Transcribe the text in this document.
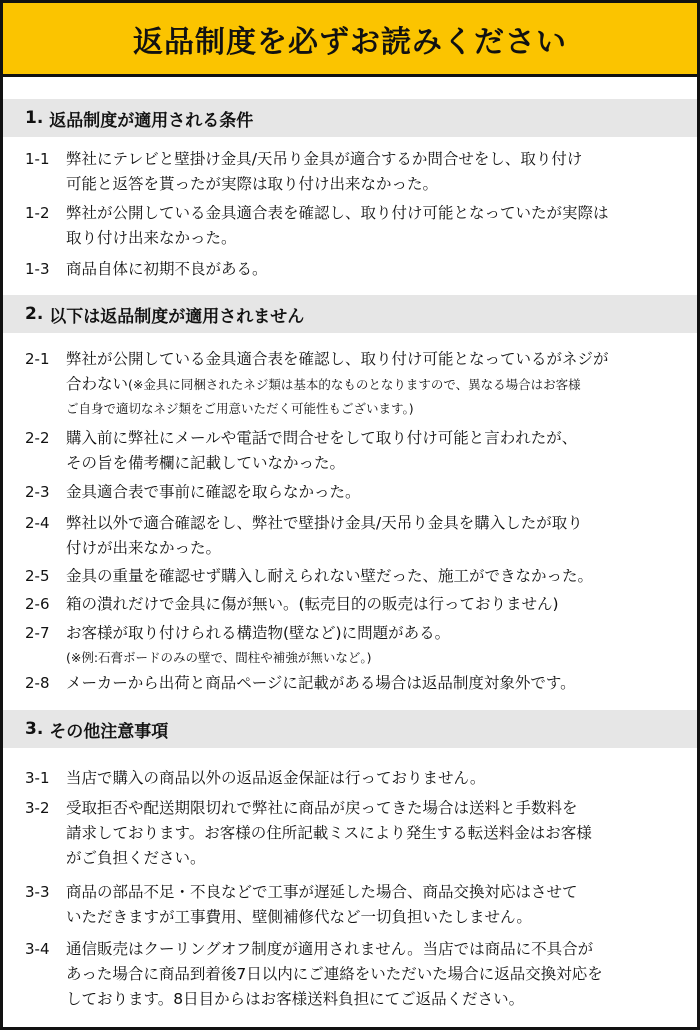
返品制度を必ずお読みください
1. 返品制度が適用される条件
1-1 弊社にテレビと壁掛け金具/天吊り金具が適合するか問合せをし、取り付け
可能と返答を貰ったが実際は取り付け出来なかった。
1-2 弊社が公開している金具適合表を確認し、取り付け可能となっていたが実際は
取り付け出来なかった。
1-3 商品自体に初期不良がある。
2. 以下は返品制度が適用されません
2-1 弊社が公開している金具適合表を確認し、取り付け可能となっているがネジが
合わない(※金具に同梱されたネジ類は基本的なものとなりますので、異なる場合はお客様
ご自身で適切なネジ類をご用意いただく可能性もございます。)
2-2 購入前に弊社にメールや電話で問合せをして取り付け可能と言われたが、
その旨を備考欄に記載していなかった。
2-3 金具適合表で事前に確認を取らなかった。
2-4 弊社以外で適合確認をし、弊社で壁掛け金具/天吊り金具を購入したが取り
付けが出来なかった。
2-5 金具の重量を確認せず購入し耐えられない壁だった、施工ができなかった。
2-6 箱の潰れだけで金具に傷が無い。(転売目的の販売は行っておりません)
2-7 お客様が取り付けられる構造物(壁など)に問題がある。
(※例:石膏ボードのみの壁で、間柱や補強が無いなど。)
2-8 メーカーから出荷と商品ページに記載がある場合は返品制度対象外です。
3. その他注意事項
3-1 当店で購入の商品以外の返品返金保証は行っておりません。
3-2 受取拒否や配送期限切れで弊社に商品が戻ってきた場合は送料と手数料を
請求しております。お客様の住所記載ミスにより発生する転送料金はお客様
がご負担ください。
3-3 商品の部品不足・不良などで工事が遅延した場合、商品交換対応はさせて
いただきますが工事費用、壁側補修代など一切負担いたしません。
3-4 通信販売はクーリングオフ制度が適用されません。当店では商品に不具合が
あった場合に商品到着後7日以内にご連絡をいただいた場合に返品交換対応を
しております。8日目からはお客様送料負担にてご返品ください。
